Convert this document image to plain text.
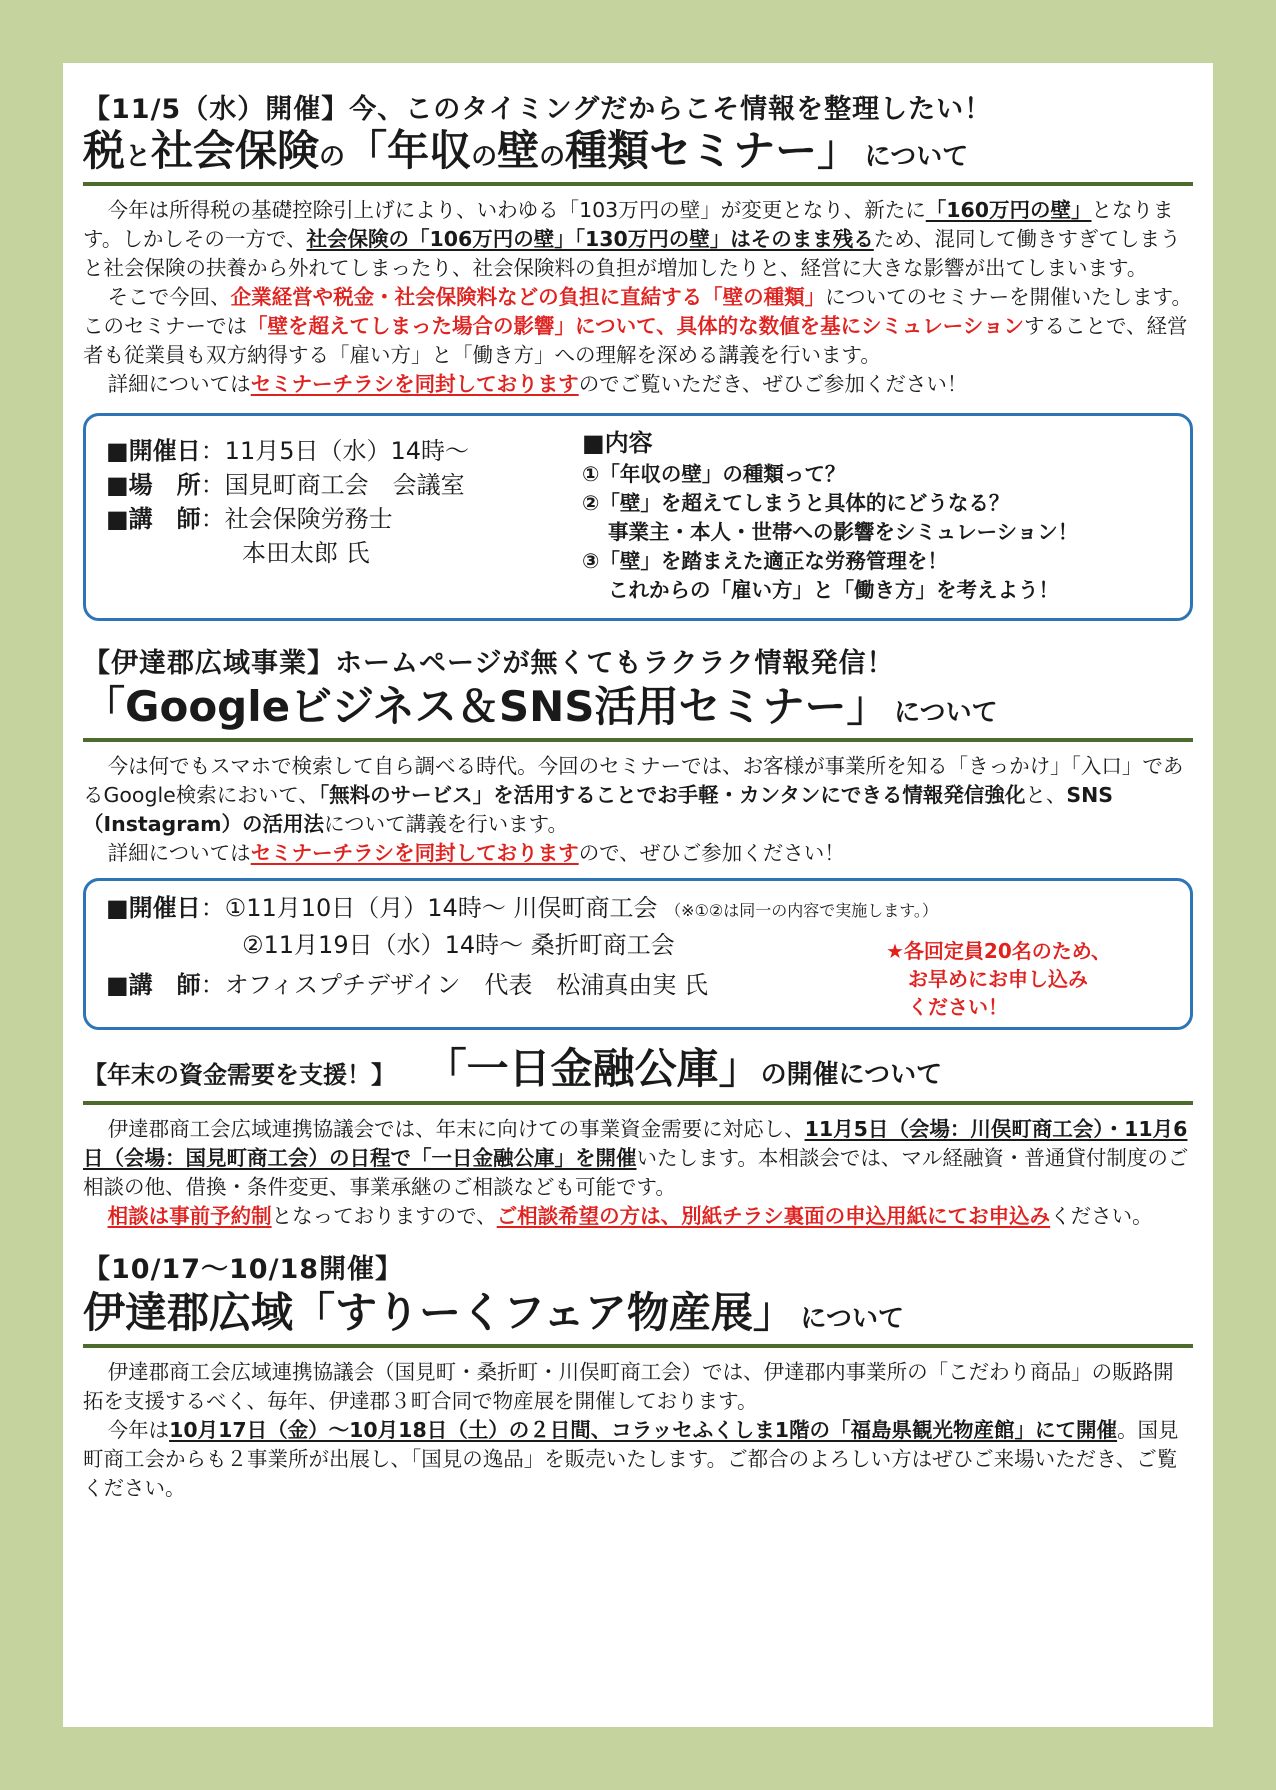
【11/5（水）開催】今、このタイミングだからこそ情報を整理したい！
税と社会保険の「年収の壁の種類セミナー」 について

今年は所得税の基礎控除引上げにより、いわゆる「103万円の壁」が変更となり、新たに「160万円の壁」となります。しかしその一方で、社会保険の「106万円の壁」「130万円の壁」はそのまま残るため、混同して働きすぎてしまうと社会保険の扶養から外れてしまったり、社会保険料の負担が増加したりと、経営に大きな影響が出てしまいます。

そこで今回、企業経営や税金・社会保険料などの負担に直結する「壁の種類」についてのセミナーを開催いたします。このセミナーでは「壁を超えてしまった場合の影響」について、具体的な数値を基にシミュレーションすることで、経営者も従業員も双方納得する「雇い方」と「働き方」への理解を深める講義を行います。

詳細についてはセミナーチラシを同封しておりますのでご覧いただき、ぜひご参加ください！

■開催日：11月5日（水）14時～
■場　所：国見町商工会　会議室
■講　師：社会保険労務士
本田太郎 氏
■内容
①「年収の壁」の種類って？
②「壁」を超えてしまうと具体的にどうなる？
事業主・本人・世帯への影響をシミュレーション！
③「壁」を踏まえた適正な労務管理を！
これからの「雇い方」と「働き方」を考えよう！
【伊達郡広域事業】ホームページが無くてもラクラク情報発信！
「Googleビジネス＆SNS活用セミナー」 について

今は何でもスマホで検索して自ら調べる時代。今回のセミナーでは、お客様が事業所を知る「きっかけ」「入口」であるGoogle検索において、「無料のサービス」を活用することでお手軽・カンタンにできる情報発信強化と、SNS（Instagram）の活用法について講義を行います。

詳細についてはセミナーチラシを同封しておりますので、ぜひご参加ください！

■開催日：①11月10日（月）14時～ 川俣町商工会 （※①②は同一の内容で実施します。）
②11月19日（水）14時～ 桑折町商工会
■講　師：オフィスプチデザイン　代表　松浦真由実 氏
★各回定員20名のため、
お早めにお申し込み
ください！
【年末の資金需要を支援！】 「一日金融公庫」の開催について

伊達郡商工会広域連携協議会では、年末に向けての事業資金需要に対応し、11月5日（会場：川俣町商工会）・11月6日（会場：国見町商工会）の日程で「一日金融公庫」を開催いたします。本相談会では、マル経融資・普通貸付制度のご相談の他、借換・条件変更、事業承継のご相談なども可能です。

相談は事前予約制となっておりますので、ご相談希望の方は、別紙チラシ裏面の申込用紙にてお申込みください。

【10/17～10/18開催】
伊達郡広域「すりーくフェア物産展」 について

伊達郡商工会広域連携協議会（国見町・桑折町・川俣町商工会）では、伊達郡内事業所の「こだわり商品」の販路開拓を支援するべく、毎年、伊達郡３町合同で物産展を開催しております。

今年は10月17日（金）～10月18日（土）の２日間、コラッセふくしま1階の「福島県観光物産館」にて開催。国見町商工会からも２事業所が出展し、「国見の逸品」を販売いたします。ご都合のよろしい方はぜひご来場いただき、ご覧ください。
